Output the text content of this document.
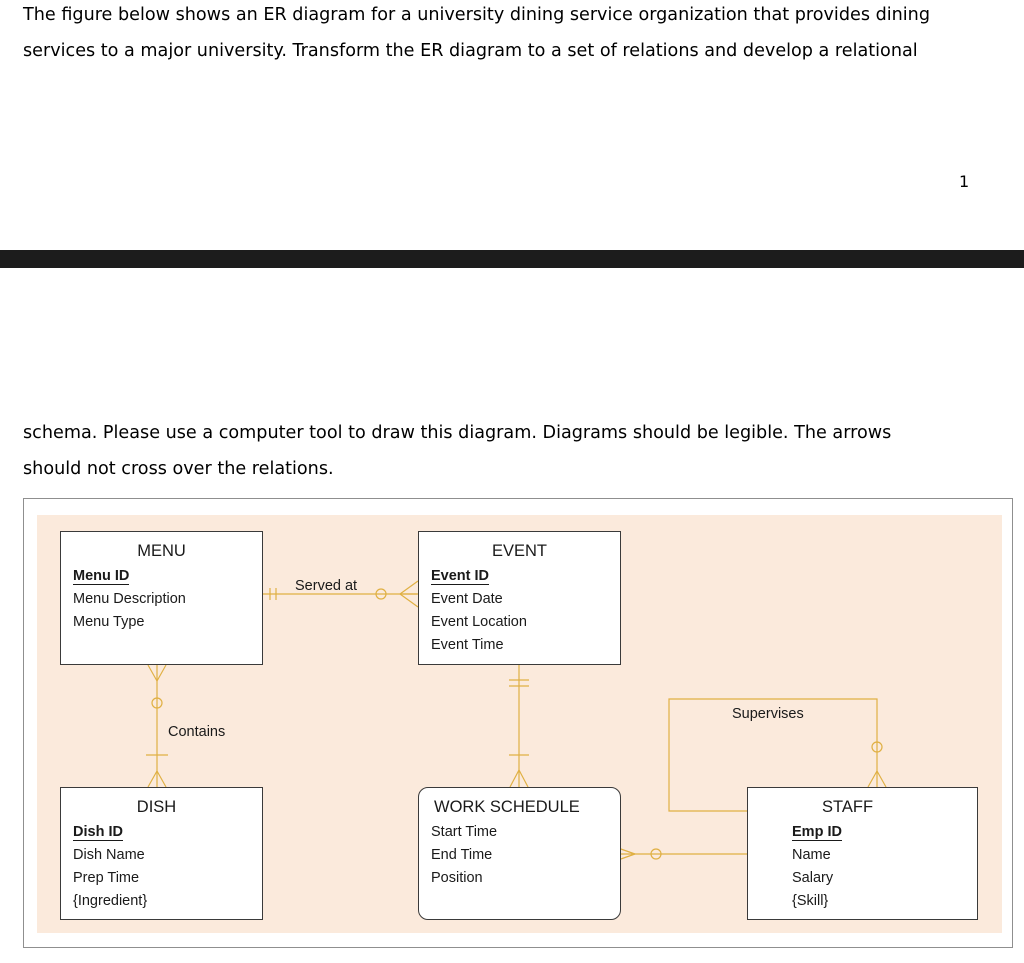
The figure below shows an ER diagram for a university dining service organization that provides dining
services to a major university. Transform the ER diagram to a set of relations and develop a relational

1

schema. Please use a computer tool to draw this diagram. Diagrams should be legible. The arrows
should not cross over the relations.

Served at
Contains
Supervises
MENU
Menu ID
Menu Description
Menu Type
EVENT
Event ID
Event Date
Event Location
Event Time
DISH
Dish ID
Dish Name
Prep Time
{Ingredient}
WORK SCHEDULE
Start Time
End Time
Position
STAFF
Emp ID
Name
Salary
{Skill}
